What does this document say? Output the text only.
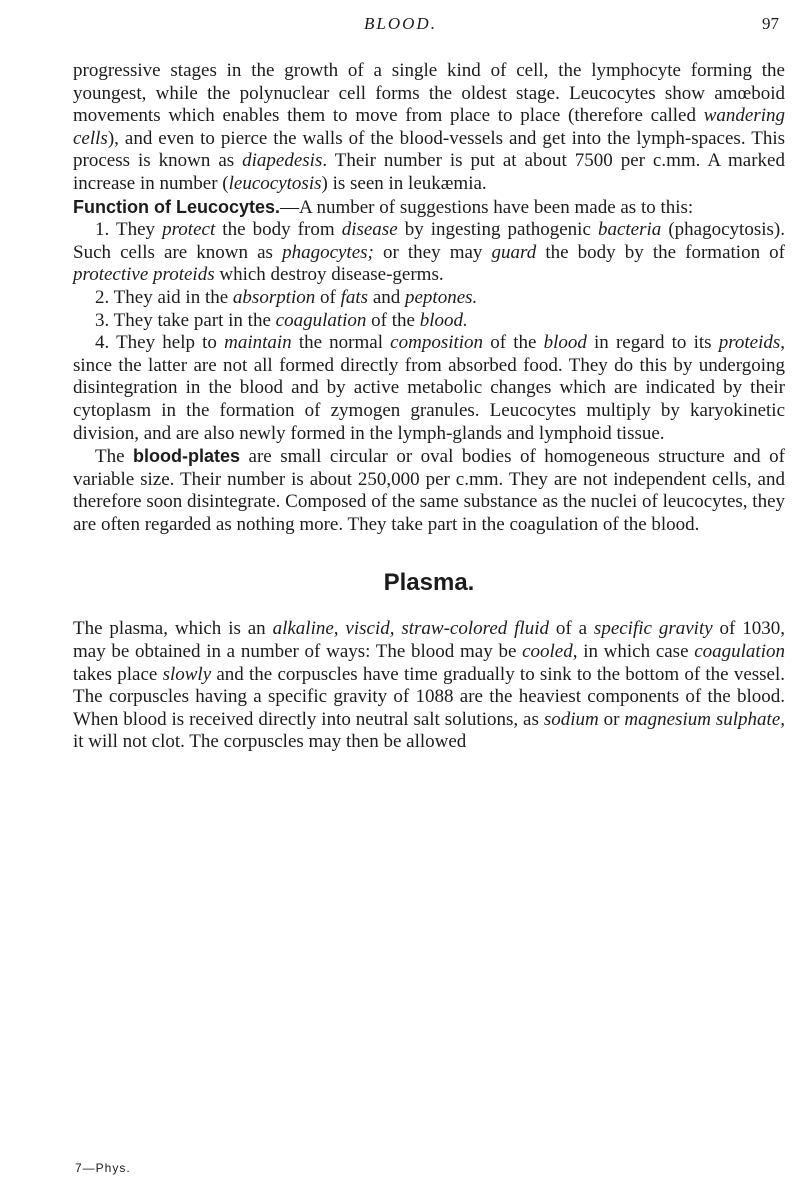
BLOOD.	97

progressive stages in the growth of a single kind of cell, the lymphocyte forming the youngest, while the polynuclear cell forms the oldest stage. Leucocytes show amœboid movements which enables them to move from place to place (therefore called wandering cells), and even to pierce the walls of the blood-vessels and get into the lymph-spaces. This process is known as diapedesis. Their number is put at about 7500 per c.mm. A marked increase in number (leucocytosis) is seen in leukæmia.

Function of Leucocytes.—A number of suggestions have been made as to this:

1. They protect the body from disease by ingesting pathogenic bacteria (phagocytosis). Such cells are known as phagocytes; or they may guard the body by the formation of protective proteids which destroy disease-germs.

2. They aid in the absorption of fats and peptones.

3. They take part in the coagulation of the blood.

4. They help to maintain the normal composition of the blood in regard to its proteids, since the latter are not all formed directly from absorbed food. They do this by undergoing disintegration in the blood and by active metabolic changes which are indicated by their cytoplasm in the formation of zymogen granules. Leucocytes multiply by karyokinetic division, and are also newly formed in the lymph-glands and lymphoid tissue.

The blood-plates are small circular or oval bodies of homogeneous structure and of variable size. Their number is about 250,000 per c.mm. They are not independent cells, and therefore soon disintegrate. Composed of the same substance as the nuclei of leucocytes, they are often regarded as nothing more. They take part in the coagulation of the blood.

Plasma.

The plasma, which is an alkaline, viscid, straw-colored fluid of a specific gravity of 1030, may be obtained in a number of ways: The blood may be cooled, in which case coagulation takes place slowly and the corpuscles have time gradually to sink to the bottom of the vessel. The corpuscles having a specific gravity of 1088 are the heaviest components of the blood. When blood is received directly into neutral salt solutions, as sodium or magnesium sulphate, it will not clot. The corpuscles may then be allowed

7—Phys.
